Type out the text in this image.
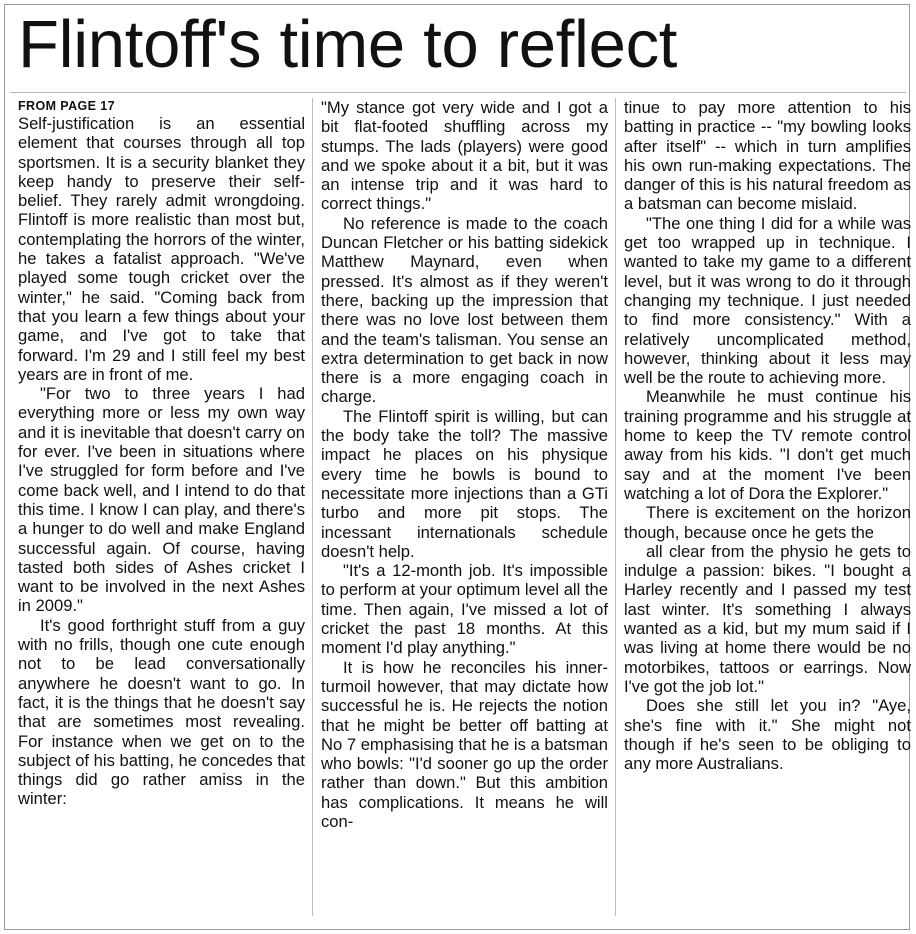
Flintoff's time to reflect
FROM PAGE 17

Self-justification is an essential element that courses through all top sportsmen. It is a security blanket they keep handy to preserve their self-belief. They rarely admit wrongdoing. Flintoff is more realistic than most but, contemplating the horrors of the winter, he takes a fatalist approach. "We've played some tough cricket over the winter," he said. "Coming back from that you learn a few things about your game, and I've got to take that forward. I'm 29 and I still feel my best years are in front of me.

"For two to three years I had everything more or less my own way and it is inevitable that doesn't carry on for ever. I've been in situations where I've struggled for form before and I've come back well, and I intend to do that this time. I know I can play, and there's a hunger to do well and make England successful again. Of course, having tasted both sides of Ashes cricket I want to be involved in the next Ashes in 2009."

It's good forthright stuff from a guy with no frills, though one cute enough not to be lead conversationally anywhere he doesn't want to go. In fact, it is the things that he doesn't say that are sometimes most revealing. For instance when we get on to the subject of his batting, he concedes that things did go rather amiss in the winter:

"My stance got very wide and I got a bit flat-footed shuffling across my stumps. The lads (players) were good and we spoke about it a bit, but it was an intense trip and it was hard to correct things."

No reference is made to the coach Duncan Fletcher or his batting sidekick Matthew Maynard, even when pressed. It's almost as if they weren't there, backing up the impression that there was no love lost between them and the team's talisman. You sense an extra determination to get back in now there is a more engaging coach in charge.

The Flintoff spirit is willing, but can the body take the toll? The massive impact he places on his physique every time he bowls is bound to necessitate more injections than a GTi turbo and more pit stops. The incessant internationals schedule doesn't help.

"It's a 12-month job. It's impossible to perform at your optimum level all the time. Then again, I've missed a lot of cricket the past 18 months. At this moment I'd play anything."

It is how he reconciles his inner-turmoil however, that may dictate how successful he is. He rejects the notion that he might be better off batting at No 7 emphasising that he is a batsman who bowls: "I'd sooner go up the order rather than down." But this ambition has complications. It means he will con-

tinue to pay more attention to his batting in practice -- "my bowling looks after itself" -- which in turn amplifies his own run-making expectations. The danger of this is his natural freedom as a batsman can become mislaid.

"The one thing I did for a while was get too wrapped up in technique. I wanted to take my game to a different level, but it was wrong to do it through changing my technique. I just needed to find more consistency." With a relatively uncomplicated method, however, thinking about it less may well be the route to achieving more.

Meanwhile he must continue his training programme and his struggle at home to keep the TV remote control away from his kids. "I don't get much say and at the moment I've been watching a lot of Dora the Explorer."

There is excitement on the horizon though, because once he gets the

all clear from the physio he gets to indulge a passion: bikes. "I bought a Harley recently and I passed my test last winter. It's something I always wanted as a kid, but my mum said if I was living at home there would be no motorbikes, tattoos or earrings. Now I've got the job lot."

Does she still let you in? "Aye, she's fine with it." She might not though if he's seen to be obliging to any more Australians.
